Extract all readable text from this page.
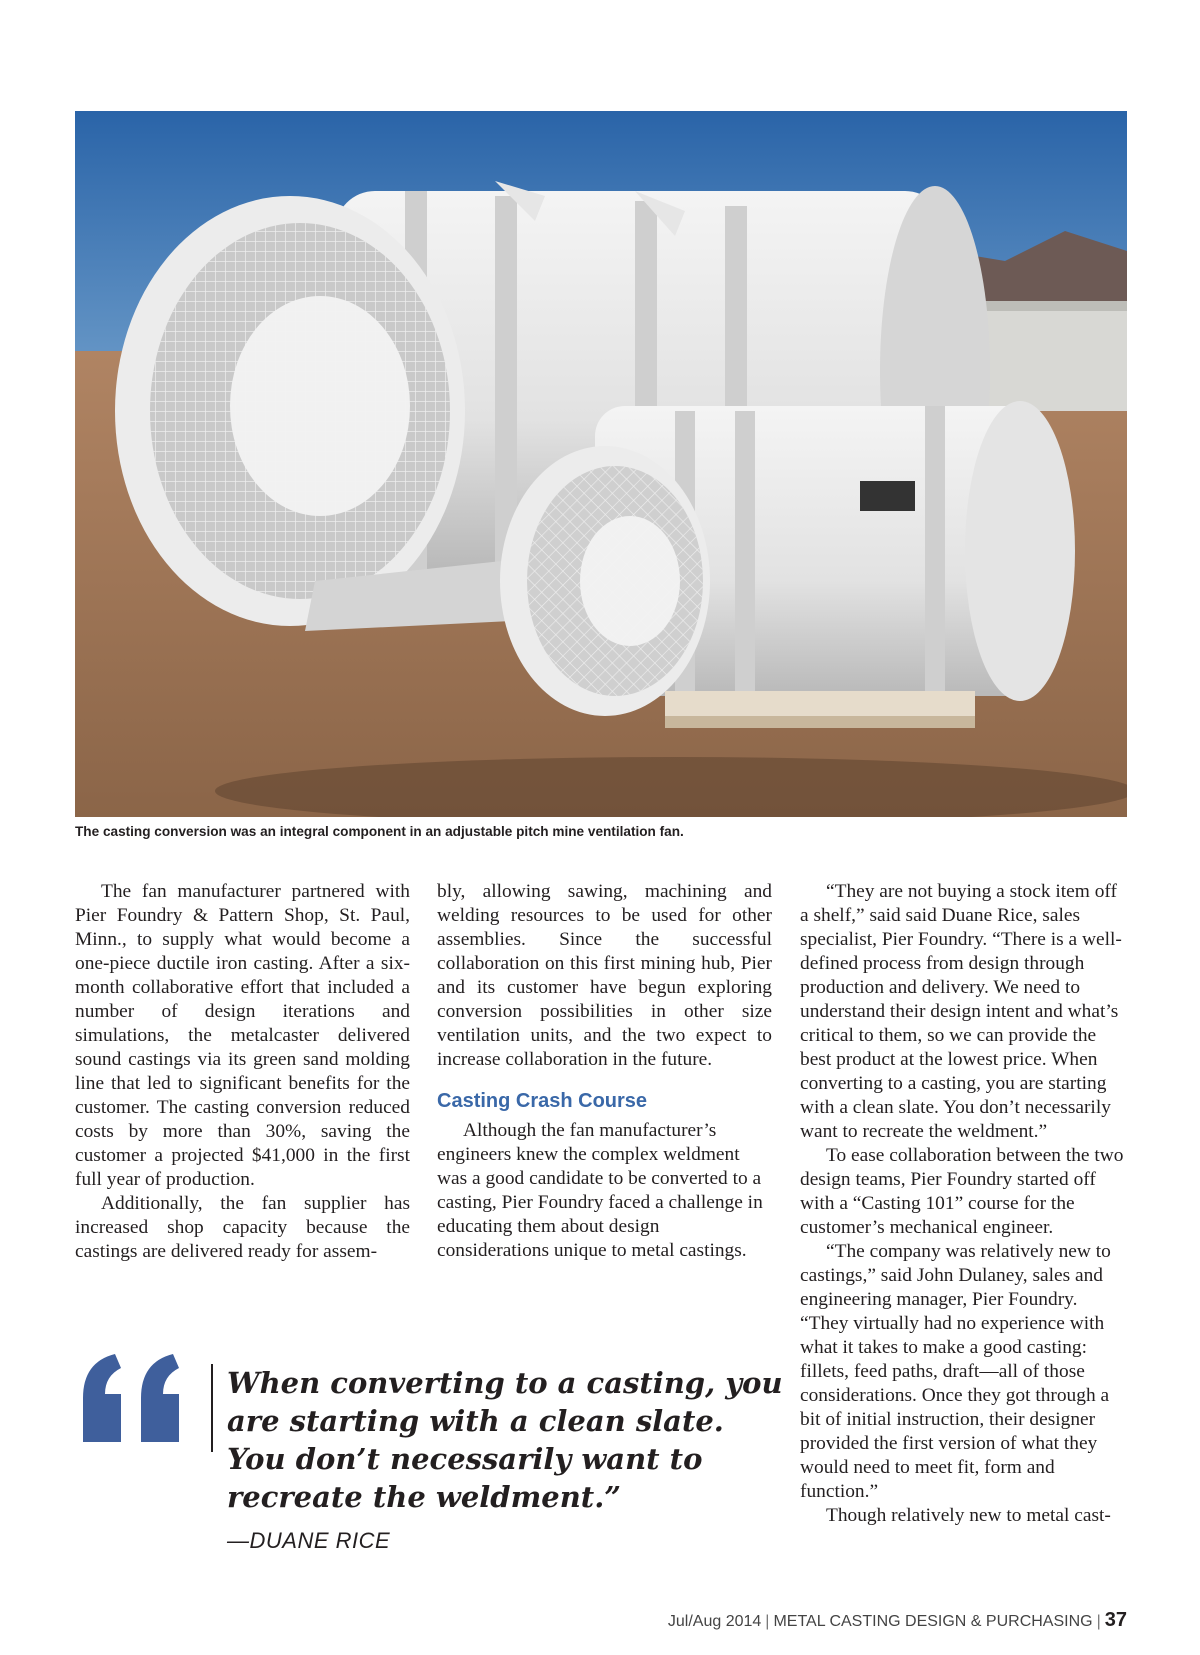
The casting conversion was an integral component in an adjustable pitch mine ventilation fan.

The fan manufacturer partnered with Pier Foundry & Pattern Shop, St. Paul, Minn., to supply what would become a one-piece ductile iron casting. After a six-month collaborative effort that included a number of design iterations and simulations, the metalcaster delivered sound castings via its green sand molding line that led to significant benefits for the customer. The casting conversion reduced costs by more than 30%, saving the customer a projected $41,000 in the first full year of production.

Additionally, the fan supplier has increased shop capacity because the castings are delivered ready for assem-

bly, allowing sawing, machining and welding resources to be used for other assemblies. Since the successful collaboration on this first mining hub, Pier and its customer have begun exploring conversion possibilities in other size ventilation units, and the two expect to increase collaboration in the future.

Casting Crash Course

Although the fan manufacturer’s engineers knew the complex weldment was a good candidate to be converted to a casting, Pier Foundry faced a challenge in educating them about design considerations unique to metal castings.

“They are not buying a stock item off a shelf,” said said Duane Rice, sales specialist, Pier Foundry. “There is a well-defined process from design through production and delivery. We need to understand their design intent and what’s critical to them, so we can provide the best product at the lowest price. When converting to a casting, you are starting with a clean slate. You don’t necessarily want to recreate the weldment.”

To ease collaboration between the two design teams, Pier Foundry started off with a “Casting 101” course for the customer’s mechanical engineer.

“The company was relatively new to castings,” said John Dulaney, sales and engineering manager, Pier Foundry. “They virtually had no experience with what it takes to make a good casting: fillets, feed paths, draft—all of those considerations. Once they got through a bit of initial instruction, their designer provided the first version of what they would need to meet fit, form and function.”

Though relatively new to metal cast-

When converting to a casting, you are starting with a clean slate. You don’t necessarily want to recreate the weldment.”
—DUANE RICE
Jul/Aug 2014 | METAL CASTING DESIGN & PURCHASING | 37
